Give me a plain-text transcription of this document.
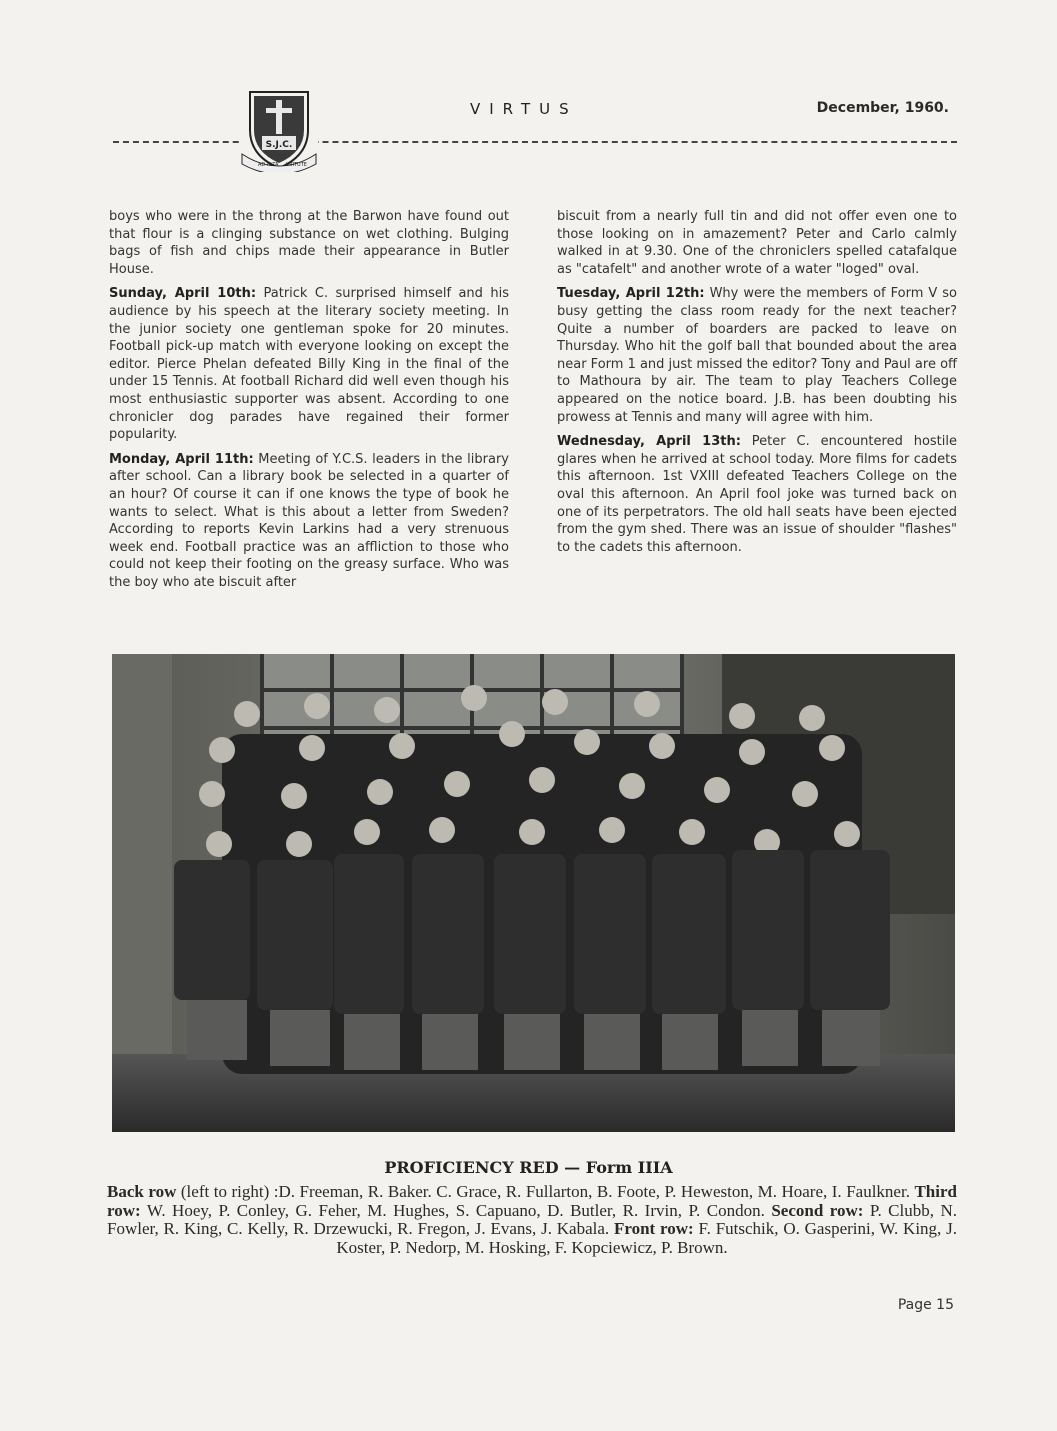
S.J.C.
AD ALTA VIRTUTE
VIRTUS	December, 1960.

boys who were in the throng at the Barwon have found out that flour is a clinging substance on wet clothing. Bulging bags of fish and chips made their appearance in Butler House.

Sunday, April 10th: Patrick C. surprised himself and his audience by his speech at the literary society meeting. In the junior society one gentleman spoke for 20 minutes. Football pick-up match with everyone looking on except the editor. Pierce Phelan defeated Billy King in the final of the under 15 Tennis. At football Richard did well even though his most enthusiastic supporter was absent. According to one chronicler dog parades have regained their former popularity.

Monday, April 11th: Meeting of Y.C.S. leaders in the library after school. Can a library book be selected in a quarter of an hour? Of course it can if one knows the type of book he wants to select. What is this about a letter from Sweden? According to reports Kevin Larkins had a very strenuous week end. Football practice was an affliction to those who could not keep their footing on the greasy surface. Who was the boy who ate biscuit after

biscuit from a nearly full tin and did not offer even one to those looking on in amazement? Peter and Carlo calmly walked in at 9.30. One of the chroniclers spelled catafalque as "catafelt" and another wrote of a water "loged" oval.

Tuesday, April 12th: Why were the members of Form V so busy getting the class room ready for the next teacher? Quite a number of boarders are packed to leave on Thursday. Who hit the golf ball that bounded about the area near Form 1 and just missed the editor? Tony and Paul are off to Mathoura by air. The team to play Teachers College appeared on the notice board. J.B. has been doubting his prowess at Tennis and many will agree with him.

Wednesday, April 13th: Peter C. encountered hostile glares when he arrived at school today. More films for cadets this afternoon. 1st VXIII defeated Teachers College on the oval this afternoon. An April fool joke was turned back on one of its perpetrators. The old hall seats have been ejected from the gym shed. There was an issue of shoulder "flashes" to the cadets this afternoon.

PROFICIENCY RED — Form IIIA
Back row (left to right) :D. Freeman, R. Baker. C. Grace, R. Fullarton, B. Foote, P. Heweston, M. Hoare, I. Faulkner. Third row: W. Hoey, P. Conley, G. Feher, M. Hughes, S. Capuano, D. Butler, R. Irvin, P. Condon. Second row: P. Clubb, N. Fowler, R. King, C. Kelly, R. Drzewucki, R. Fregon, J. Evans, J. Kabala. Front row: F. Futschik, O. Gasperini, W. King, J. Koster, P. Nedorp, M. Hosking, F. Kopciewicz, P. Brown.
Page 15
